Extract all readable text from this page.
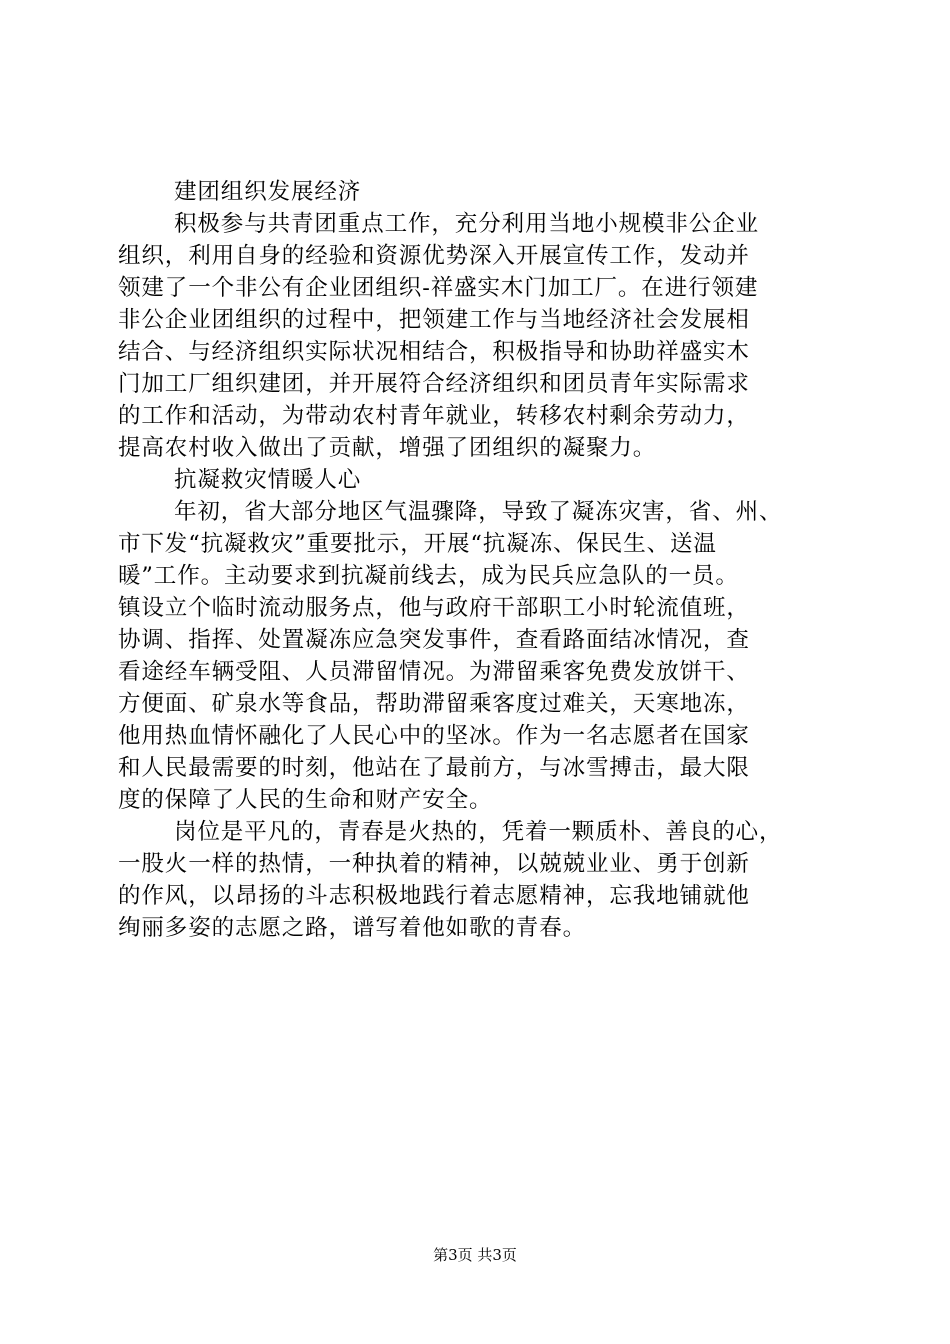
建团组织发展经济
积极参与共青团重点工作，充分利用当地小规模非公企业
组织，利用自身的经验和资源优势深入开展宣传工作，发动并
领建了一个非公有企业团组织-祥盛实木门加工厂。在进行领建
非公企业团组织的过程中，把领建工作与当地经济社会发展相
结合、与经济组织实际状况相结合，积极指导和协助祥盛实木
门加工厂组织建团，并开展符合经济组织和团员青年实际需求
的工作和活动，为带动农村青年就业，转移农村剩余劳动力，
提高农村收入做出了贡献，增强了团组织的凝聚力。
抗凝救灾情暖人心
年初，省大部分地区气温骤降，导致了凝冻灾害，省、州、
市下发“抗凝救灾”重要批示，开展“抗凝冻、保民生、送温
暖”工作。主动要求到抗凝前线去，成为民兵应急队的一员。
镇设立个临时流动服务点，他与政府干部职工小时轮流值班，
协调、指挥、处置凝冻应急突发事件，查看路面结冰情况，查
看途经车辆受阻、人员滞留情况。为滞留乘客免费发放饼干、
方便面、矿泉水等食品，帮助滞留乘客度过难关，天寒地冻，
他用热血情怀融化了人民心中的坚冰。作为一名志愿者在国家
和人民最需要的时刻，他站在了最前方，与冰雪搏击，最大限
度的保障了人民的生命和财产安全。
岗位是平凡的，青春是火热的，凭着一颗质朴、善良的心，
一股火一样的热情，一种执着的精神，以兢兢业业、勇于创新
的作风，以昂扬的斗志积极地践行着志愿精神，忘我地铺就他
绚丽多姿的志愿之路，谱写着他如歌的青春。
第3页 共3页
